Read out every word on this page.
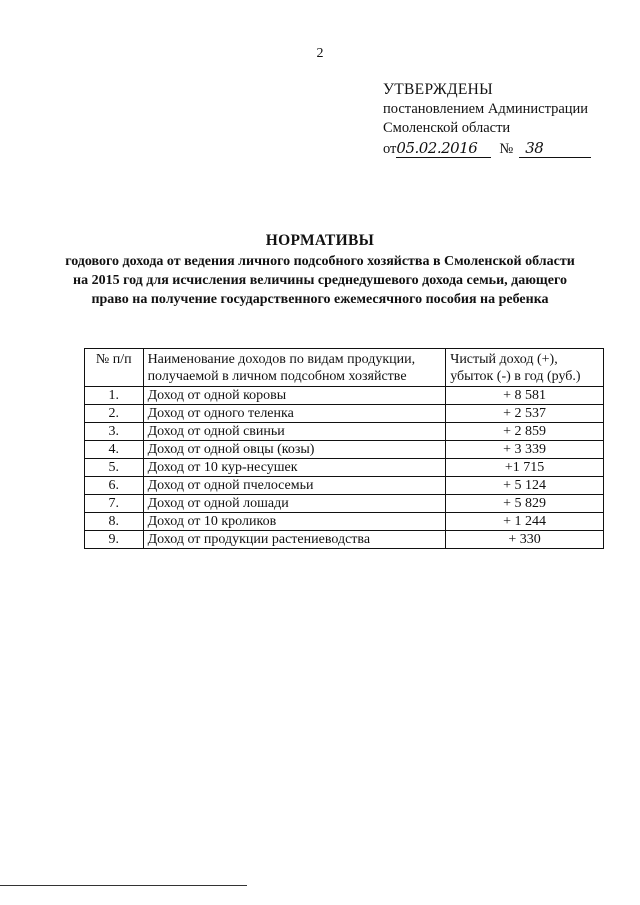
2
УТВЕРЖДЕНЫ
постановлением Администрации
Смоленской области
от05.02.2016 № 38
НОРМАТИВЫ
годового дохода от ведения личного подсобного хозяйства в Смоленской области на 2015 год для исчисления величины среднедушевого дохода семьи, дающего право на получение государственного ежемесячного пособия на ребенка
№ п/п	Наименование доходов по видам продукции, получаемой в личном подсобном хозяйстве	Чистый доход (+), убыток (-) в год (руб.)
1.	Доход от одной коровы	+ 8 581
2.	Доход от одного теленка	+ 2 537
3.	Доход от одной свиньи	+ 2 859
4.	Доход от одной овцы (козы)	+ 3 339
5.	Доход от 10 кур-несушек	+1 715
6.	Доход от одной пчелосемьи	+ 5 124
7.	Доход от одной лошади	+ 5 829
8.	Доход от 10 кроликов	+ 1 244
9.	Доход от продукции растениеводства	+ 330
